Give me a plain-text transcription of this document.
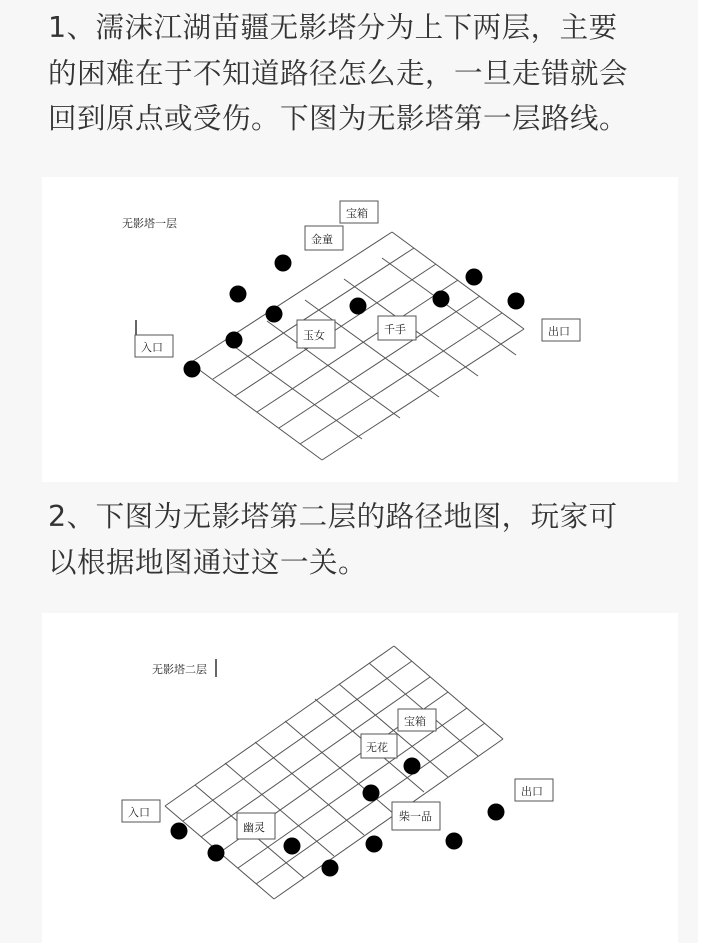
1、濡沫江湖苗疆无影塔分为上下两层，主要
的困难在于不知道路径怎么走，一旦走错就会
回到原点或受伤。下图为无影塔第一层路线。
无影塔一层
入口
出口
宝箱
金童
玉女	千手
2、下图为无影塔第二层的路径地图，玩家可
以根据地图通过这一关。
无影塔二层
入口
出口
宝箱
无花
幽灵
柴一品
